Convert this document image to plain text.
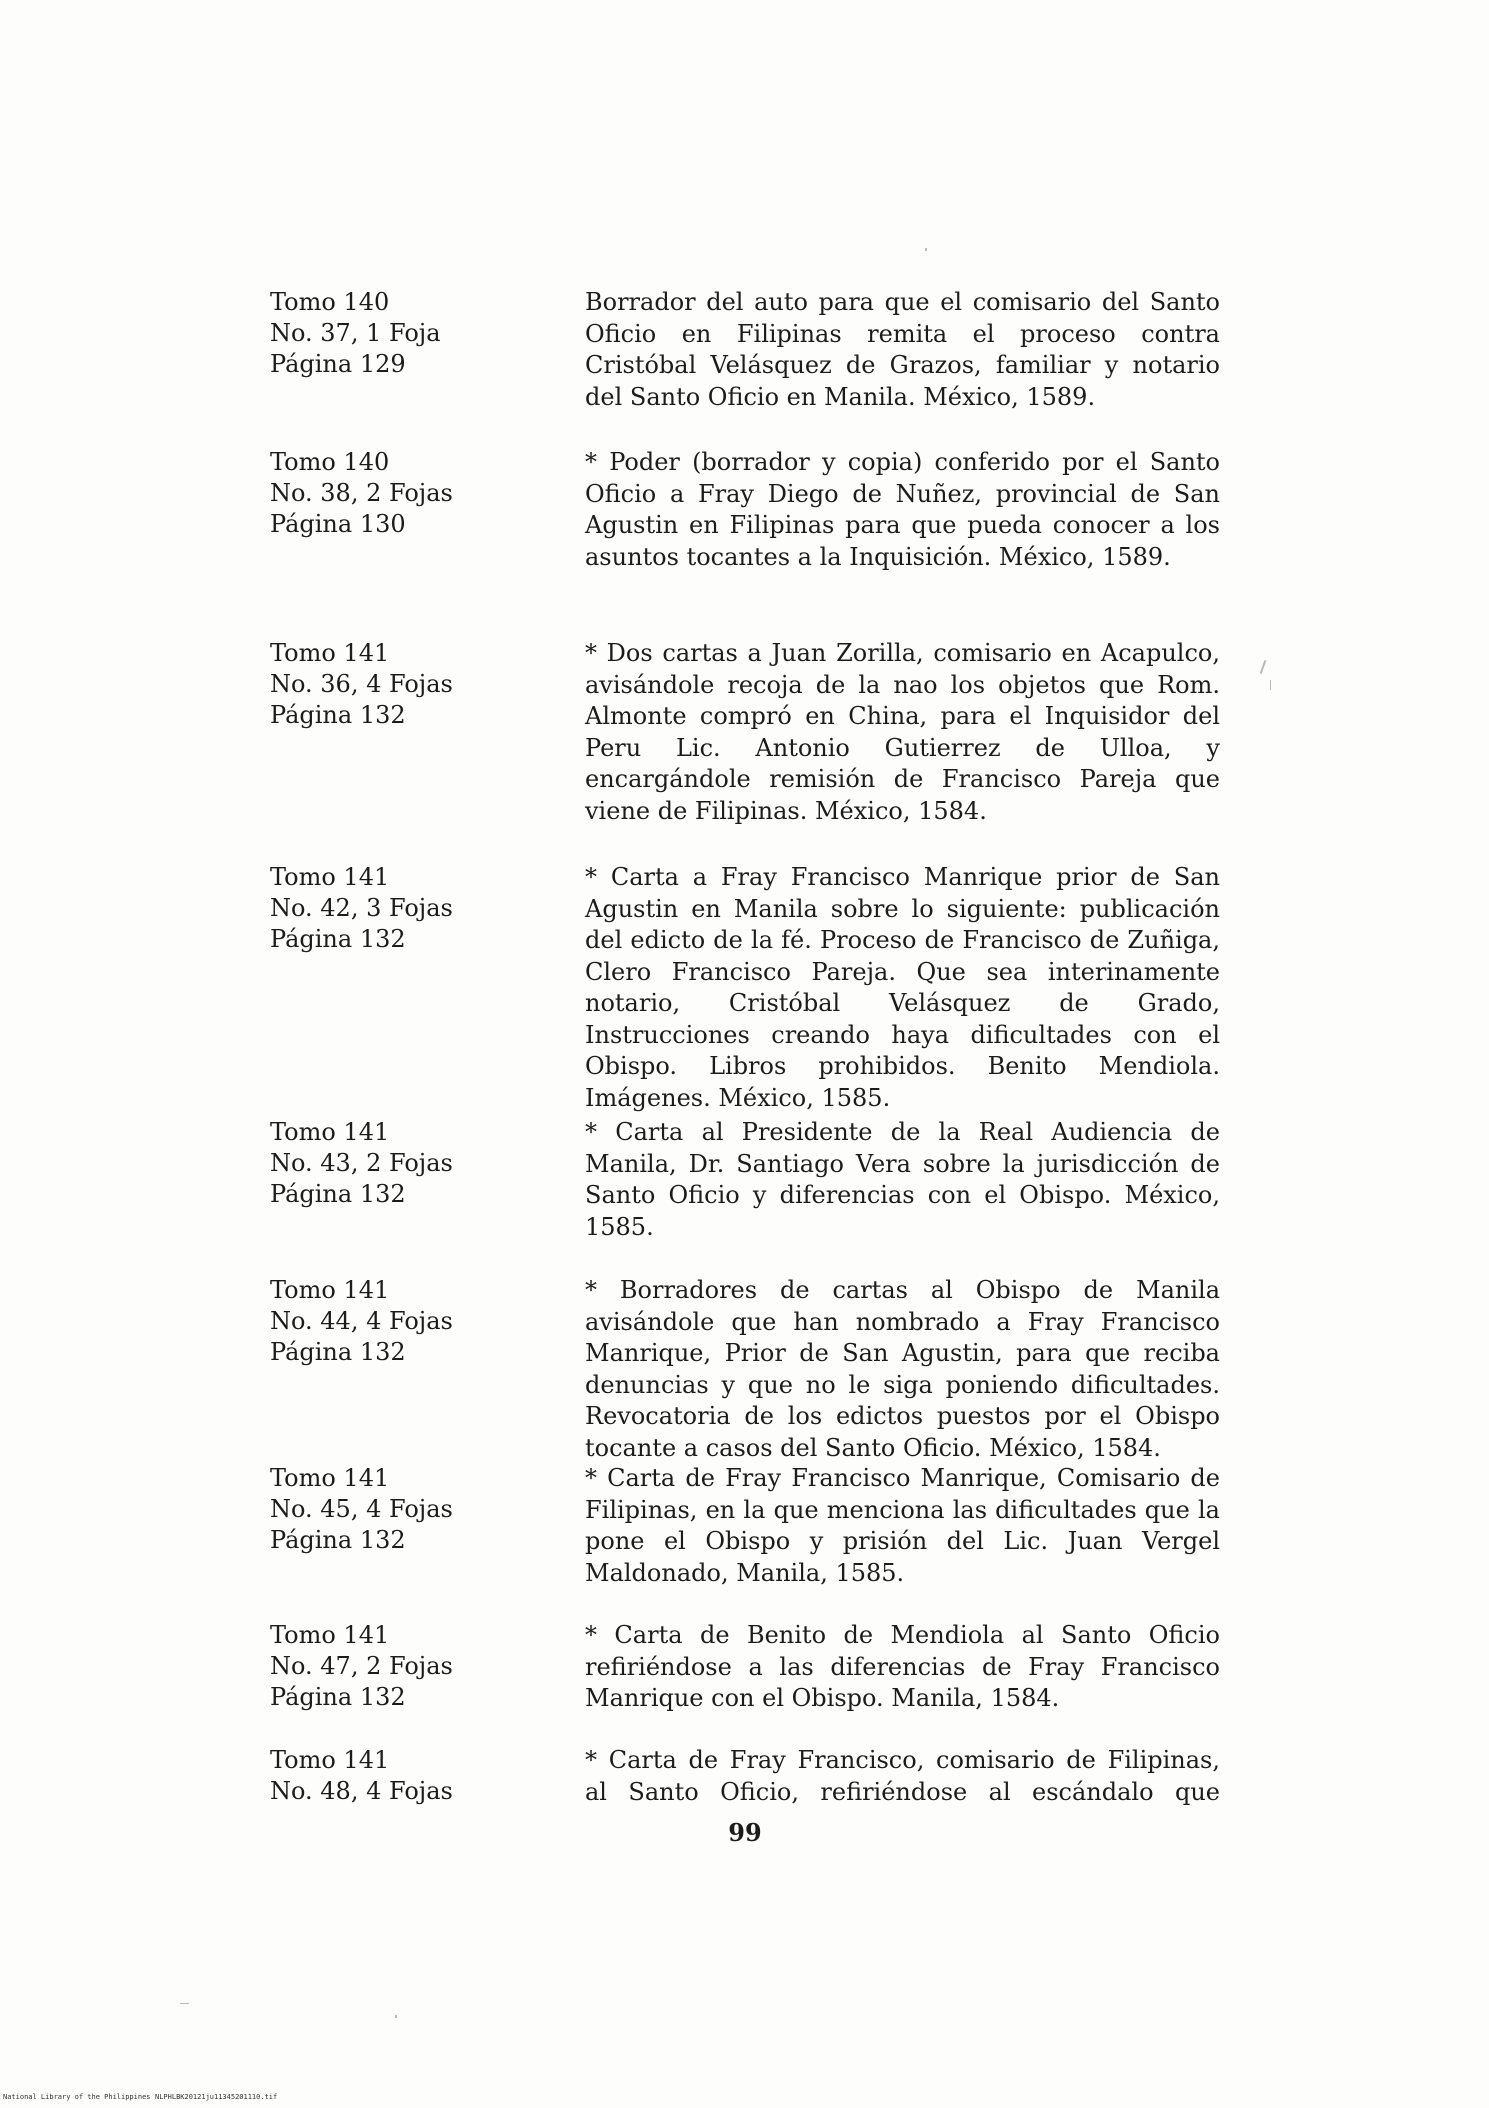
Tomo 140
No. 37, 1 Foja
Página 129
Borrador del auto para que el comisario del Santo Oficio en Filipinas remita el proceso contra Cristóbal Velásquez de Grazos, familiar y notario del Santo Oficio en Manila. México, 1589.
Tomo 140
No. 38, 2 Fojas
Página 130
* Poder (borrador y copia) conferido por el Santo Oficio a Fray Diego de Nuñez, provincial de San Agustin en Filipinas para que pueda conocer a los asuntos tocantes a la Inquisición. México, 1589.
Tomo 141
No. 36, 4 Fojas
Página 132
* Dos cartas a Juan Zorilla, comisario en Acapulco, avisándole recoja de la nao los objetos que Rom. Almonte compró en China, para el Inquisidor del Peru Lic. Antonio Gutierrez de Ulloa, y encargándole remisión de Francisco Pareja que viene de Filipinas. México, 1584.
Tomo 141
No. 42, 3 Fojas
Página 132
* Carta a Fray Francisco Manrique prior de San Agustin en Manila sobre lo siguiente: publicación del edicto de la fé. Proceso de Francisco de Zuñiga, Clero Francisco Pareja. Que sea interinamente notario, Cristóbal Velásquez de Grado, Instrucciones creando haya dificultades con el Obispo. Libros prohibidos. Benito Mendiola. Imágenes. México, 1585.
Tomo 141
No. 43, 2 Fojas
Página 132
* Carta al Presidente de la Real Audiencia de Manila, Dr. Santiago Vera sobre la jurisdicción de Santo Oficio y diferencias con el Obispo. México, 1585.
Tomo 141
No. 44, 4 Fojas
Página 132
* Borradores de cartas al Obispo de Manila avisándole que han nombrado a Fray Francisco Manrique, Prior de San Agustin, para que reciba denuncias y que no le siga poniendo dificultades. Revocatoria de los edictos puestos por el Obispo tocante a casos del Santo Oficio. México, 1584.
Tomo 141
No. 45, 4 Fojas
Página 132
* Carta de Fray Francisco Manrique, Comisario de Filipinas, en la que menciona las dificultades que la pone el Obispo y prisión del Lic. Juan Vergel Maldonado, Manila, 1585.
Tomo 141
No. 47, 2 Fojas
Página 132
* Carta de Benito de Mendiola al Santo Oficio refiriéndose a las diferencias de Fray Francisco Manrique con el Obispo. Manila, 1584.
Tomo 141
No. 48, 4 Fojas
* Carta de Fray Francisco, comisario de Filipinas, al Santo Oficio, refiriéndose al escándalo que
99
National Library of the Philippines NLPHLBK20121ju11345201110.tif
